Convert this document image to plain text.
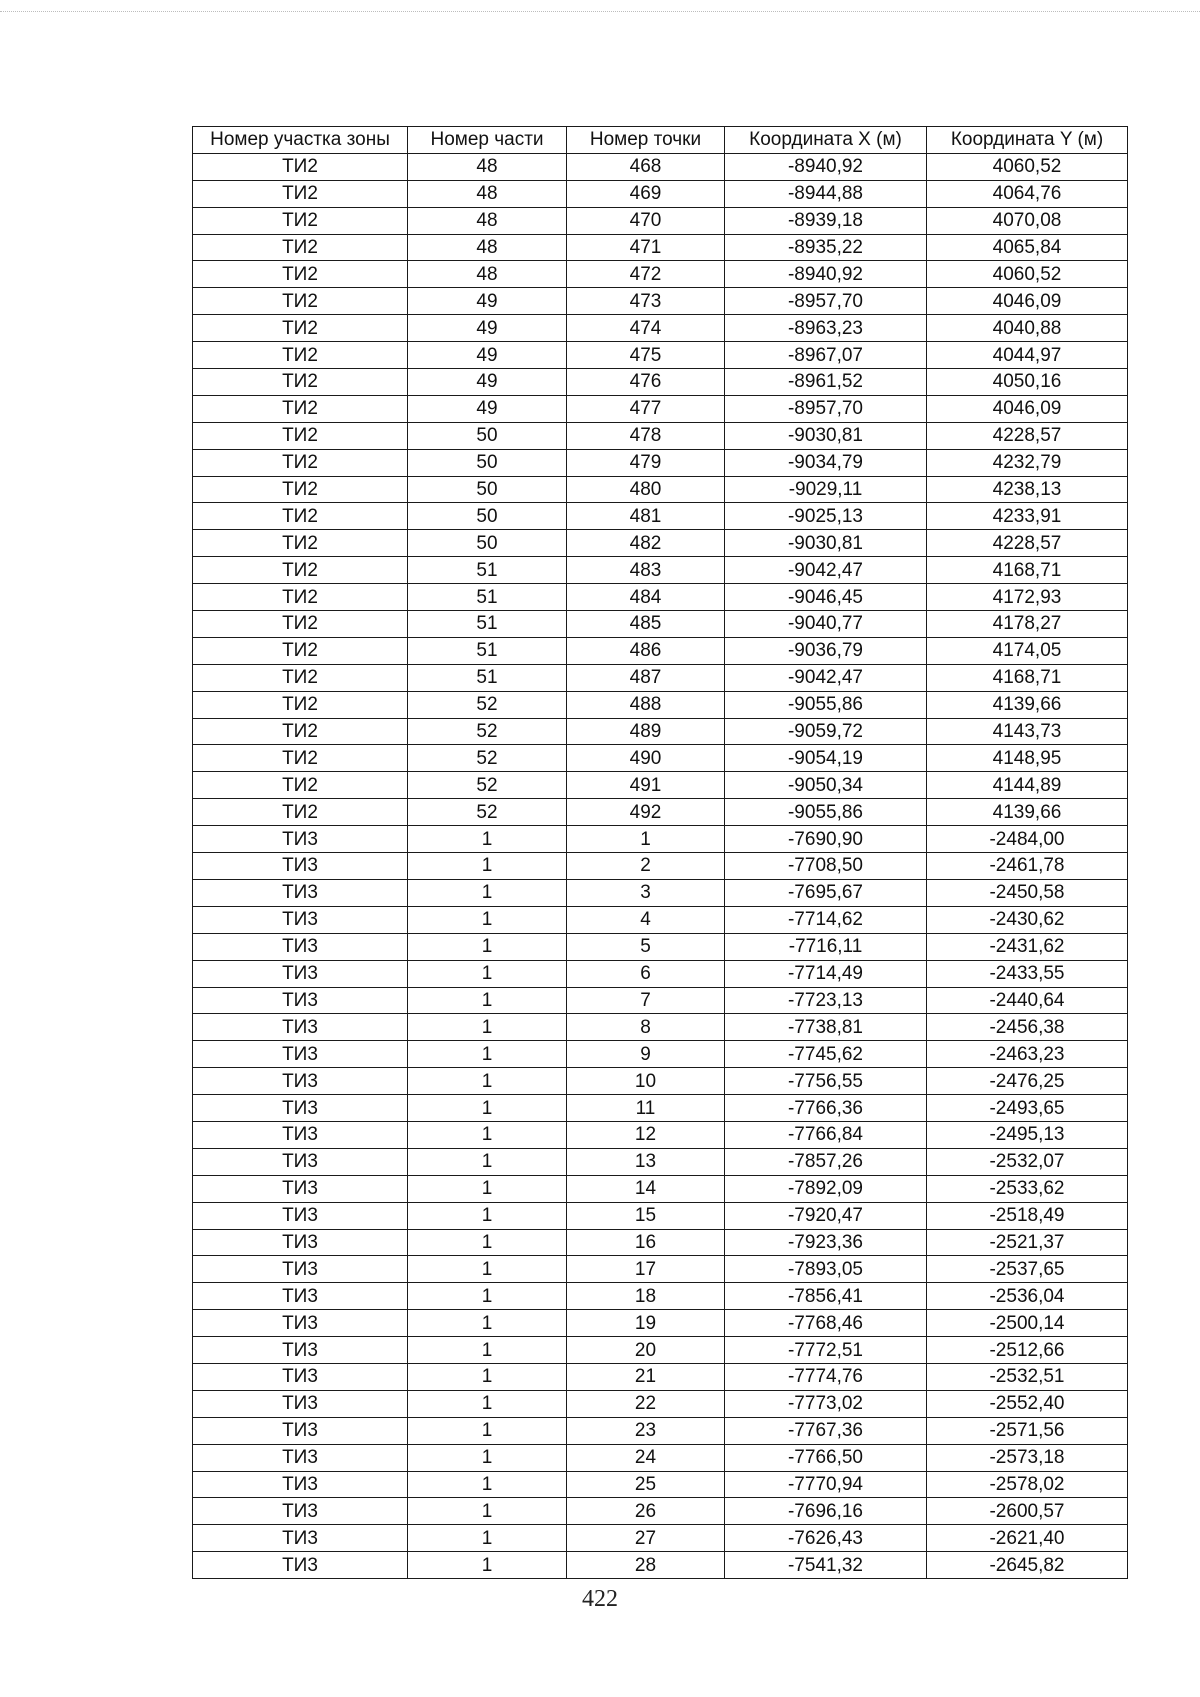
Номер участка зоны	Номер части	Номер точки	Координата X (м)	Координата Y (м)
ТИ2	48	468	-8940,92	4060,52
ТИ2	48	469	-8944,88	4064,76
ТИ2	48	470	-8939,18	4070,08
ТИ2	48	471	-8935,22	4065,84
ТИ2	48	472	-8940,92	4060,52
ТИ2	49	473	-8957,70	4046,09
ТИ2	49	474	-8963,23	4040,88
ТИ2	49	475	-8967,07	4044,97
ТИ2	49	476	-8961,52	4050,16
ТИ2	49	477	-8957,70	4046,09
ТИ2	50	478	-9030,81	4228,57
ТИ2	50	479	-9034,79	4232,79
ТИ2	50	480	-9029,11	4238,13
ТИ2	50	481	-9025,13	4233,91
ТИ2	50	482	-9030,81	4228,57
ТИ2	51	483	-9042,47	4168,71
ТИ2	51	484	-9046,45	4172,93
ТИ2	51	485	-9040,77	4178,27
ТИ2	51	486	-9036,79	4174,05
ТИ2	51	487	-9042,47	4168,71
ТИ2	52	488	-9055,86	4139,66
ТИ2	52	489	-9059,72	4143,73
ТИ2	52	490	-9054,19	4148,95
ТИ2	52	491	-9050,34	4144,89
ТИ2	52	492	-9055,86	4139,66
ТИ3	1	1	-7690,90	-2484,00
ТИ3	1	2	-7708,50	-2461,78
ТИ3	1	3	-7695,67	-2450,58
ТИ3	1	4	-7714,62	-2430,62
ТИ3	1	5	-7716,11	-2431,62
ТИ3	1	6	-7714,49	-2433,55
ТИ3	1	7	-7723,13	-2440,64
ТИ3	1	8	-7738,81	-2456,38
ТИ3	1	9	-7745,62	-2463,23
ТИ3	1	10	-7756,55	-2476,25
ТИ3	1	11	-7766,36	-2493,65
ТИ3	1	12	-7766,84	-2495,13
ТИ3	1	13	-7857,26	-2532,07
ТИ3	1	14	-7892,09	-2533,62
ТИ3	1	15	-7920,47	-2518,49
ТИ3	1	16	-7923,36	-2521,37
ТИ3	1	17	-7893,05	-2537,65
ТИ3	1	18	-7856,41	-2536,04
ТИ3	1	19	-7768,46	-2500,14
ТИ3	1	20	-7772,51	-2512,66
ТИ3	1	21	-7774,76	-2532,51
ТИ3	1	22	-7773,02	-2552,40
ТИ3	1	23	-7767,36	-2571,56
ТИ3	1	24	-7766,50	-2573,18
ТИ3	1	25	-7770,94	-2578,02
ТИ3	1	26	-7696,16	-2600,57
ТИ3	1	27	-7626,43	-2621,40
ТИ3	1	28	-7541,32	-2645,82
422
